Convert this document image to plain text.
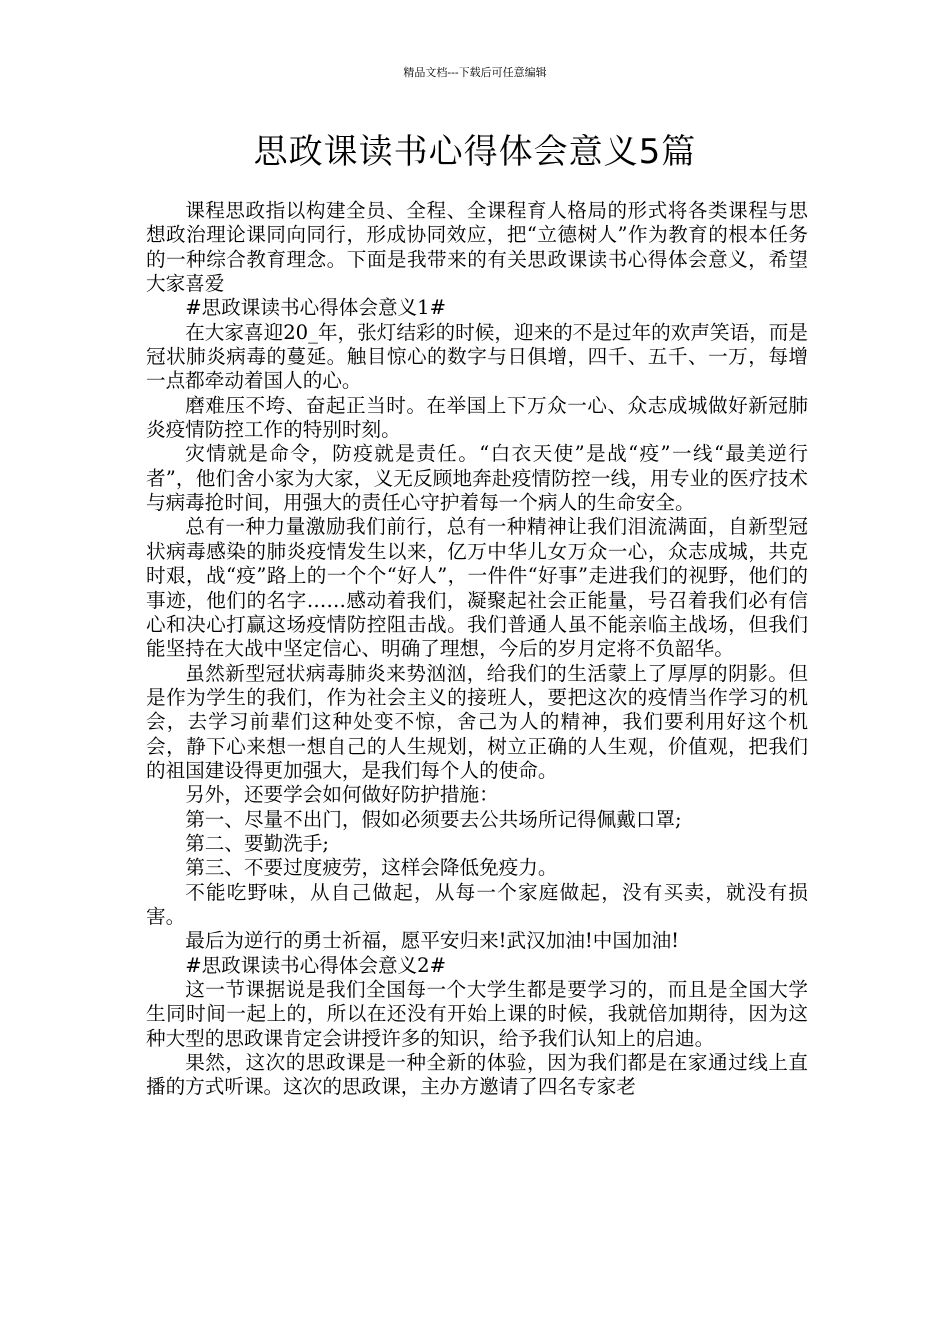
精品文档---下载后可任意编辑
思政课读书心得体会意义5篇

课程思政指以构建全员、全程、全课程育人格局的形式将各类课程与思想政治理论课同向同行，形成协同效应，把“立德树人”作为教育的根本任务的一种综合教育理念。下面是我带来的有关思政课读书心得体会意义，希望大家喜爱

#思政课读书心得体会意义1#

在大家喜迎20_年，张灯结彩的时候，迎来的不是过年的欢声笑语，而是冠状肺炎病毒的蔓延。触目惊心的数字与日俱增，四千、五千、一万，每增一点都牵动着国人的心。

磨难压不垮、奋起正当时。在举国上下万众一心、众志成城做好新冠肺炎疫情防控工作的特别时刻。

灾情就是命令，防疫就是责任。“白衣天使”是战“疫”一线“最美逆行者”，他们舍小家为大家，义无反顾地奔赴疫情防控一线，用专业的医疗技术与病毒抢时间，用强大的责任心守护着每一个病人的生命安全。

总有一种力量激励我们前行，总有一种精神让我们泪流满面，自新型冠状病毒感染的肺炎疫情发生以来，亿万中华儿女万众一心，众志成城，共克时艰，战“疫”路上的一个个“好人”，一件件“好事”走进我们的视野，他们的事迹，他们的名字……感动着我们，凝聚起社会正能量，号召着我们必有信心和决心打赢这场疫情防控阻击战。我们普通人虽不能亲临主战场，但我们能坚持在大战中坚定信心、明确了理想，今后的岁月定将不负韶华。

虽然新型冠状病毒肺炎来势汹汹，给我们的生活蒙上了厚厚的阴影。但是作为学生的我们，作为社会主义的接班人，要把这次的疫情当作学习的机会，去学习前辈们这种处变不惊，舍己为人的精神，我们要利用好这个机会，静下心来想一想自己的人生规划，树立正确的人生观，价值观，把我们的祖国建设得更加强大，是我们每个人的使命。

另外，还要学会如何做好防护措施：

第一、尽量不出门，假如必须要去公共场所记得佩戴口罩;

第二、要勤洗手;

第三、不要过度疲劳，这样会降低免疫力。

不能吃野味，从自己做起，从每一个家庭做起，没有买卖，就没有损害。

最后为逆行的勇士祈福，愿平安归来!武汉加油!中国加油!

#思政课读书心得体会意义2#

这一节课据说是我们全国每一个大学生都是要学习的，而且是全国大学生同时间一起上的，所以在还没有开始上课的时候，我就倍加期待，因为这种大型的思政课肯定会讲授许多的知识，给予我们认知上的启迪。

果然，这次的思政课是一种全新的体验，因为我们都是在家通过线上直播的方式听课。这次的思政课，主办方邀请了四名专家老
